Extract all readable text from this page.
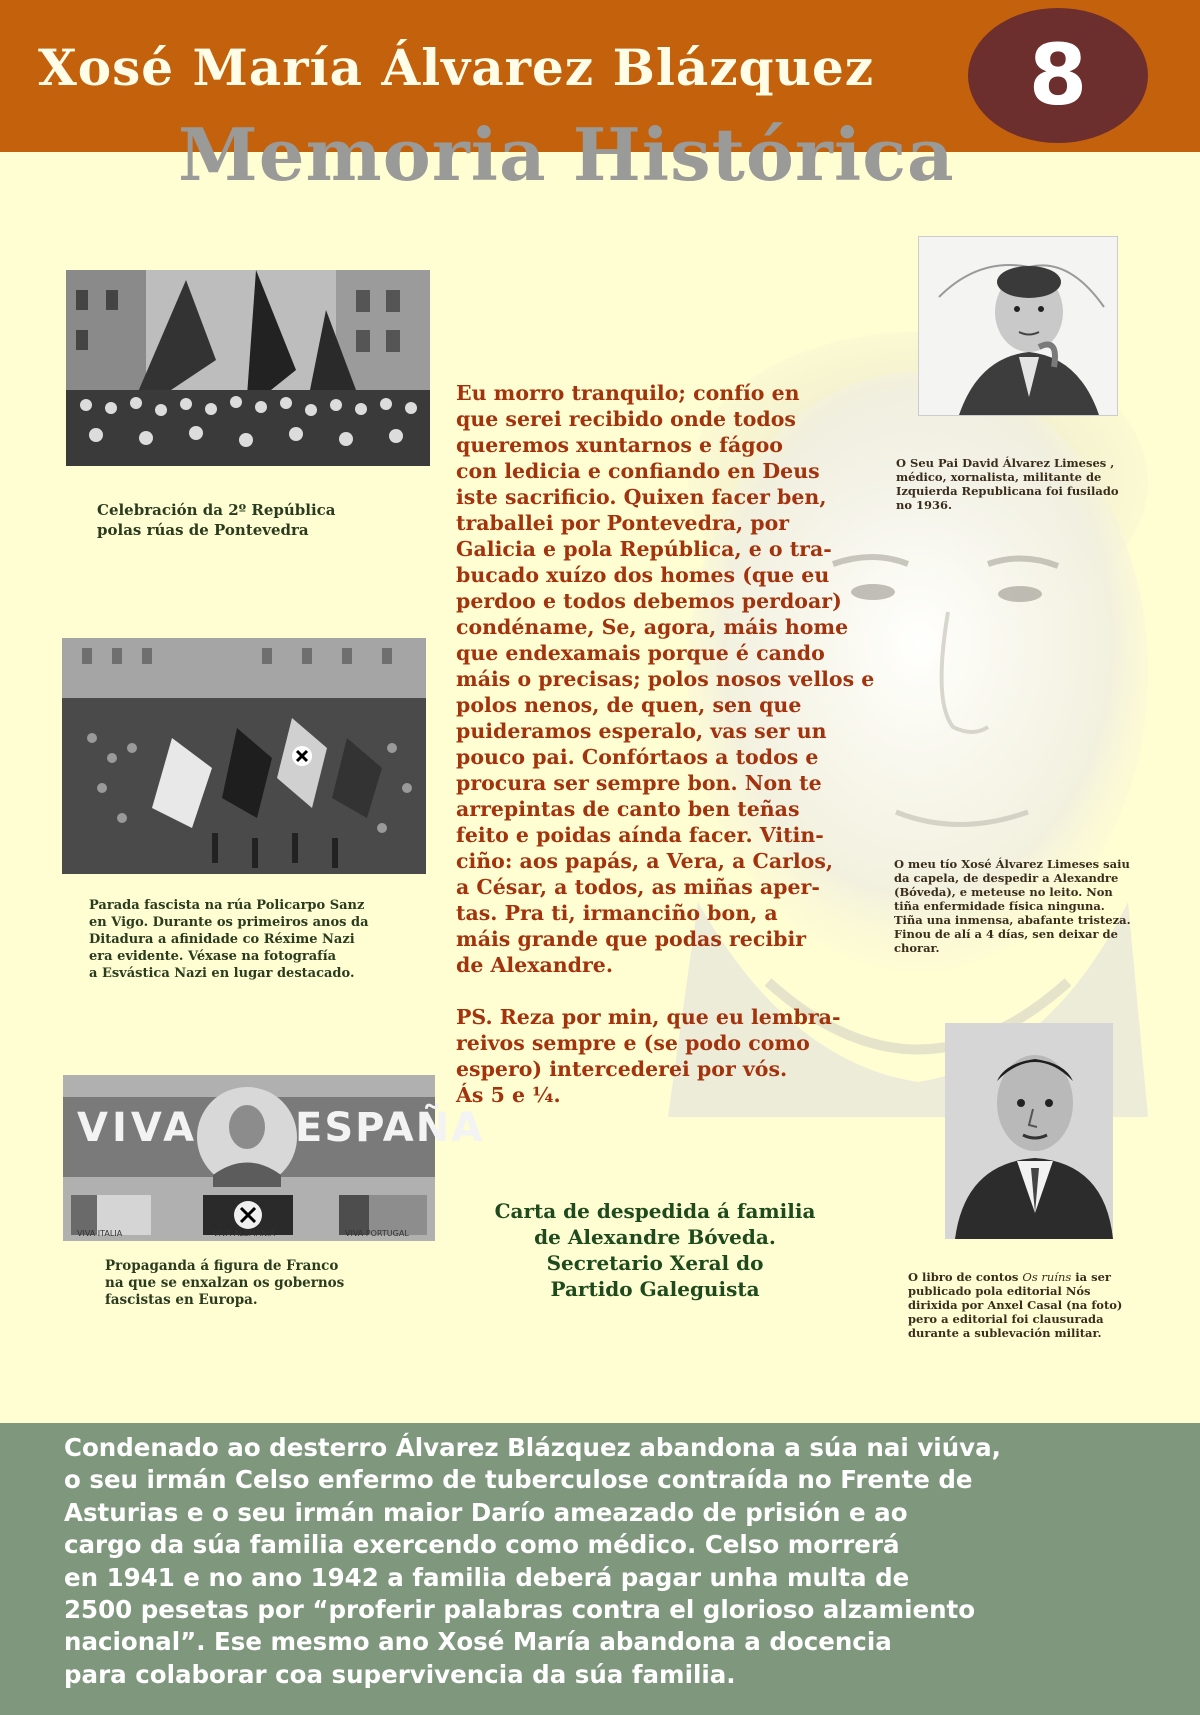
Xosé María Álvarez Blázquez	8
Memoria Histórica
Celebración da 2º República
polas rúas de Pontevedra
Parada fascista na rúa Policarpo Sanz
en Vigo. Durante os primeiros anos da
Ditadura a afinidade co Réxime Nazi
era evidente. Véxase na fotografía
a Esvástica Nazi en lugar destacado.
VIVA ESPAÑA
VIVA ITALIA	VIVA ALEMANIA	VIVA PORTUGAL
Propaganda á figura de Franco
na que se enxalzan os gobernos
fascistas en Europa.
O Seu Pai David Álvarez Limeses ,
médico, xornalista, militante de
Izquierda Republicana foi fusilado
no 1936.
O meu tío Xosé Álvarez Limeses saiu
da capela, de despedir a Alexandre
(Bóveda), e meteuse no leito. Non
tiña enfermidade física ninguna.
Tiña una inmensa, abafante tristeza.
Finou de alí a 4 días, sen deixar de
chorar.
O libro de contos Os ruíns ia ser
publicado pola editorial Nós
dirixida por Anxel Casal (na foto)
pero a editorial foi clausurada
durante a sublevación militar.

Eu morro tranquilo; confío en

que serei recibido onde todos

queremos xuntarnos e fágoo

con ledicia e confiando en Deus

iste sacrificio. Quixen facer ben,

traballei por Pontevedra, por

Galicia e pola República, e o tra-

bucado xuízo dos homes (que eu

perdoo e todos debemos perdoar)

condéname, Se, agora, máis home

que endexamais porque é cando

máis o precisas; polos nosos vellos e

polos nenos, de quen, sen que

puideramos esperalo, vas ser un

pouco pai. Confórtaos a todos e

procura ser sempre bon. Non te

arrepintas de canto ben teñas

feito e poidas aínda facer. Vitin-

ciño: aos papás, a Vera, a Carlos,

a César, a todos, as miñas aper-

tas. Pra ti, irmanciño bon, a

máis grande que podas recibir

de Alexandre.

PS. Reza por min, que eu lembra-

reivos sempre e (se podo como

espero) intercederei por vós.

Ás 5 e ¼.

Carta de despedida á familia
de Alexandre Bóveda.
Secretario Xeral do
Partido Galeguista

Condenado ao desterro Álvarez Blázquez abandona a súa nai viúva,

o seu irmán Celso enfermo de tuberculose contraída no Frente de

Asturias e o seu irmán maior Darío ameazado de prisión e ao

cargo da súa familia exercendo como médico. Celso morrerá

en 1941 e no ano 1942 a familia deberá pagar unha multa de

2500 pesetas por “proferir palabras contra el glorioso alzamiento

nacional”. Ese mesmo ano Xosé María abandona a docencia

para colaborar coa supervivencia da súa familia.
